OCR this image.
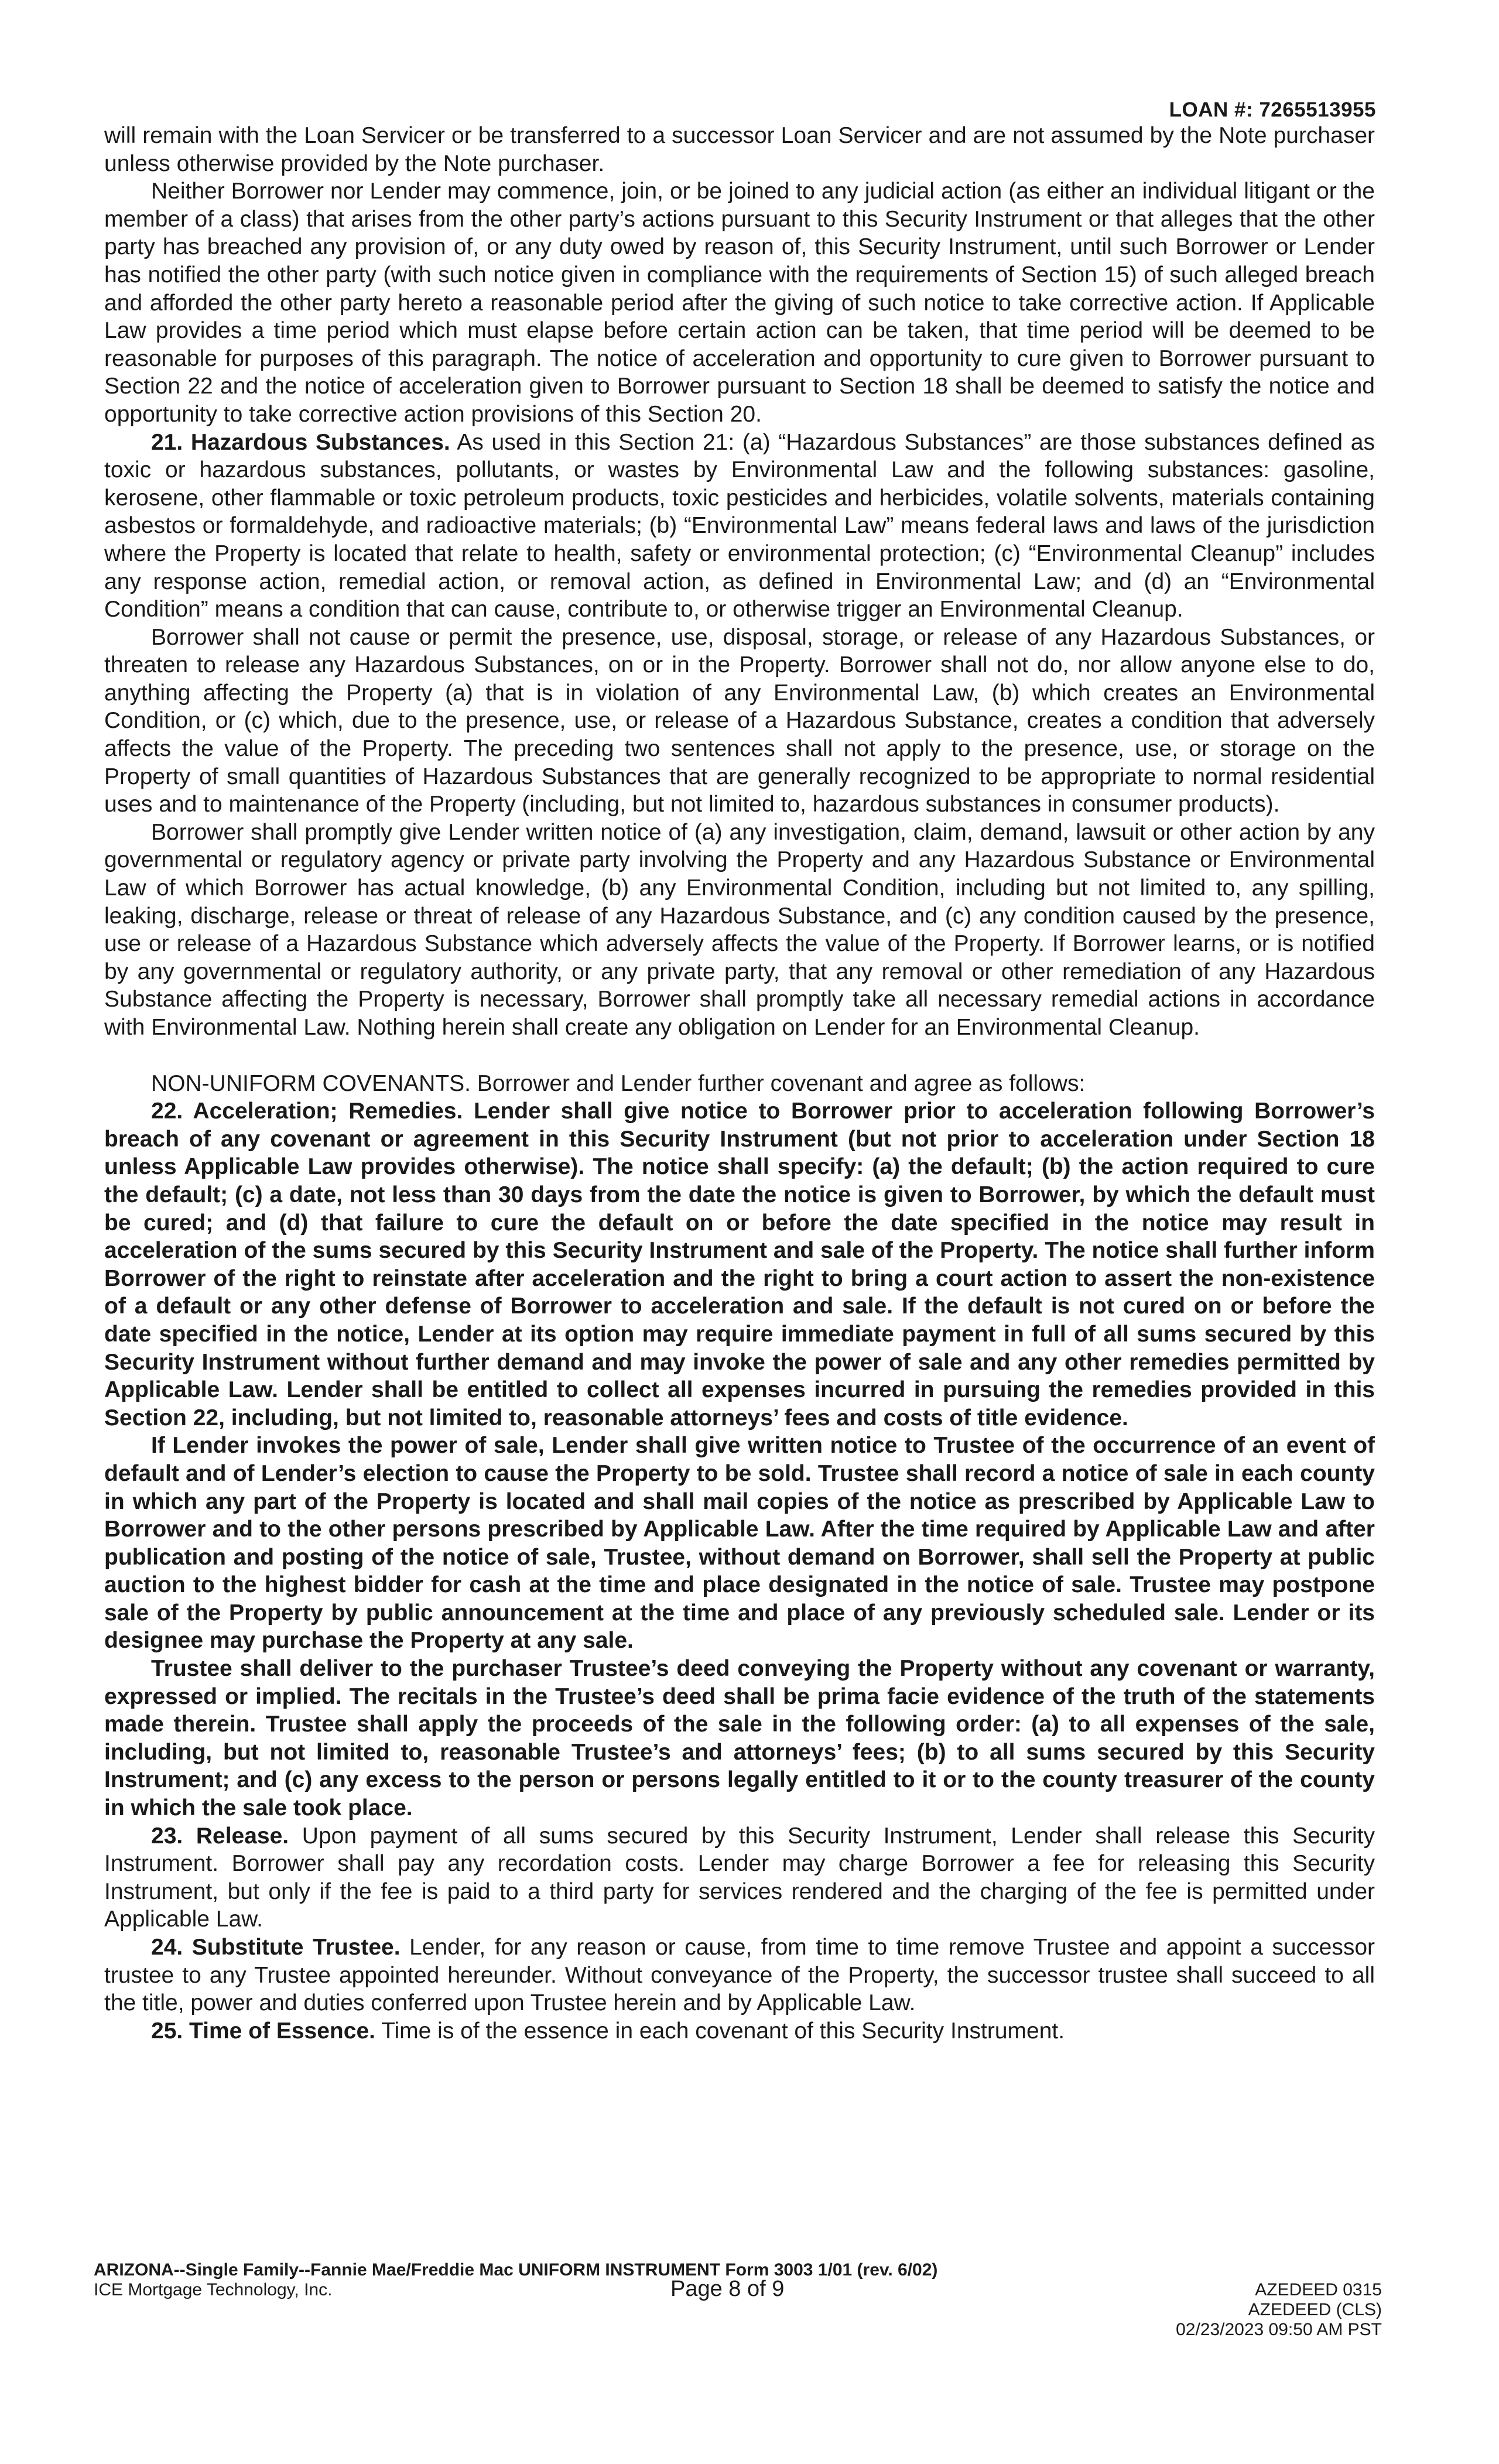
LOAN #: 7265513955

will remain with the Loan Servicer or be transferred to a successor Loan Servicer and are not assumed by the Note purchaser unless otherwise provided by the Note purchaser.

Neither Borrower nor Lender may commence, join, or be joined to any judicial action (as either an individual litigant or the member of a class) that arises from the other party’s actions pursuant to this Security Instrument or that alleges that the other party has breached any provision of, or any duty owed by reason of, this Security Instrument, until such Borrower or Lender has notified the other party (with such notice given in compliance with the requirements of Section 15) of such alleged breach and afforded the other party hereto a reasonable period after the giving of such notice to take corrective action. If Applicable Law provides a time period which must elapse before certain action can be taken, that time period will be deemed to be reasonable for purposes of this paragraph. The notice of acceleration and opportunity to cure given to Borrower pursuant to Section 22 and the notice of acceleration given to Borrower pursuant to Section 18 shall be deemed to satisfy the notice and opportunity to take corrective action provisions of this Section 20.

21. Hazardous Substances. As used in this Section 21: (a) “Hazardous Substances” are those substances defined as toxic or hazardous substances, pollutants, or wastes by Environmental Law and the following substances: gasoline, kerosene, other flammable or toxic petroleum products, toxic pesticides and herbicides, volatile solvents, materials containing asbestos or formaldehyde, and radioactive materials; (b) “Environmental Law” means federal laws and laws of the jurisdiction where the Property is located that relate to health, safety or environmental protection; (c) “Environmental Cleanup” includes any response action, remedial action, or removal action, as defined in Environmental Law; and (d) an “Environmental Condition” means a condition that can cause, contribute to, or otherwise trigger an Environmental Cleanup.

Borrower shall not cause or permit the presence, use, disposal, storage, or release of any Hazardous Substances, or threaten to release any Hazardous Substances, on or in the Property. Borrower shall not do, nor allow anyone else to do, anything affecting the Property (a) that is in violation of any Environmental Law, (b) which creates an Environmental Condition, or (c) which, due to the presence, use, or release of a Hazardous Substance, creates a condition that adversely affects the value of the Property. The preceding two sentences shall not apply to the presence, use, or storage on the Property of small quantities of Hazardous Substances that are generally recognized to be appropriate to normal residential uses and to maintenance of the Property (including, but not limited to, hazardous substances in consumer products).

Borrower shall promptly give Lender written notice of (a) any investigation, claim, demand, lawsuit or other action by any governmental or regulatory agency or private party involving the Property and any Hazardous Substance or Environmental Law of which Borrower has actual knowledge, (b) any Environmental Condition, including but not limited to, any spilling, leaking, discharge, release or threat of release of any Hazardous Substance, and (c) any condition caused by the presence, use or release of a Hazardous Substance which adversely affects the value of the Property. If Borrower learns, or is notified by any governmental or regulatory authority, or any private party, that any removal or other remediation of any Hazardous Substance affecting the Property is necessary, Borrower shall promptly take all necessary remedial actions in accordance with Environmental Law. Nothing herein shall create any obligation on Lender for an Environmental Cleanup.

NON-UNIFORM COVENANTS. Borrower and Lender further covenant and agree as follows:

22. Acceleration; Remedies. Lender shall give notice to Borrower prior to acceleration following Borrower’s breach of any covenant or agreement in this Security Instrument (but not prior to acceleration under Section 18 unless Applicable Law provides otherwise). The notice shall specify: (a) the default; (b) the action required to cure the default; (c) a date, not less than 30 days from the date the notice is given to Borrower, by which the default must be cured; and (d) that failure to cure the default on or before the date specified in the notice may result in acceleration of the sums secured by this Security Instrument and sale of the Property. The notice shall further inform Borrower of the right to reinstate after acceleration and the right to bring a court action to assert the non-existence of a default or any other defense of Borrower to acceleration and sale. If the default is not cured on or before the date specified in the notice, Lender at its option may require immediate payment in full of all sums secured by this Security Instrument without further demand and may invoke the power of sale and any other remedies permitted by Applicable Law. Lender shall be entitled to collect all expenses incurred in pursuing the remedies provided in this Section 22, including, but not limited to, reasonable attorneys’ fees and costs of title evidence.

If Lender invokes the power of sale, Lender shall give written notice to Trustee of the occurrence of an event of default and of Lender’s election to cause the Property to be sold. Trustee shall record a notice of sale in each county in which any part of the Property is located and shall mail copies of the notice as prescribed by Applicable Law to Borrower and to the other persons prescribed by Applicable Law. After the time required by Applicable Law and after publication and posting of the notice of sale, Trustee, without demand on Borrower, shall sell the Property at public auction to the highest bidder for cash at the time and place designated in the notice of sale. Trustee may postpone sale of the Property by public announcement at the time and place of any previously scheduled sale. Lender or its designee may purchase the Property at any sale.

Trustee shall deliver to the purchaser Trustee’s deed conveying the Property without any covenant or warranty, expressed or implied. The recitals in the Trustee’s deed shall be prima facie evidence of the truth of the statements made therein. Trustee shall apply the proceeds of the sale in the following order: (a) to all expenses of the sale, including, but not limited to, reasonable Trustee’s and attorneys’ fees; (b) to all sums secured by this Security Instrument; and (c) any excess to the person or persons legally entitled to it or to the county treasurer of the county in which the sale took place.

23. Release. Upon payment of all sums secured by this Security Instrument, Lender shall release this Security Instrument. Borrower shall pay any recordation costs. Lender may charge Borrower a fee for releasing this Security Instrument, but only if the fee is paid to a third party for services rendered and the charging of the fee is permitted under Applicable Law.

24. Substitute Trustee. Lender, for any reason or cause, from time to time remove Trustee and appoint a successor trustee to any Trustee appointed hereunder. Without conveyance of the Property, the successor trustee shall succeed to all the title, power and duties conferred upon Trustee herein and by Applicable Law.

25. Time of Essence. Time is of the essence in each covenant of this Security Instrument.

ARIZONA--Single Family--Fannie Mae/Freddie Mac UNIFORM INSTRUMENT Form 3003 1/01 (rev. 6/02)
ICE Mortgage Technology, Inc.	Page 8 of 9	AZEDEED 0315
AZEDEED (CLS)
02/23/2023 09:50 AM PST
